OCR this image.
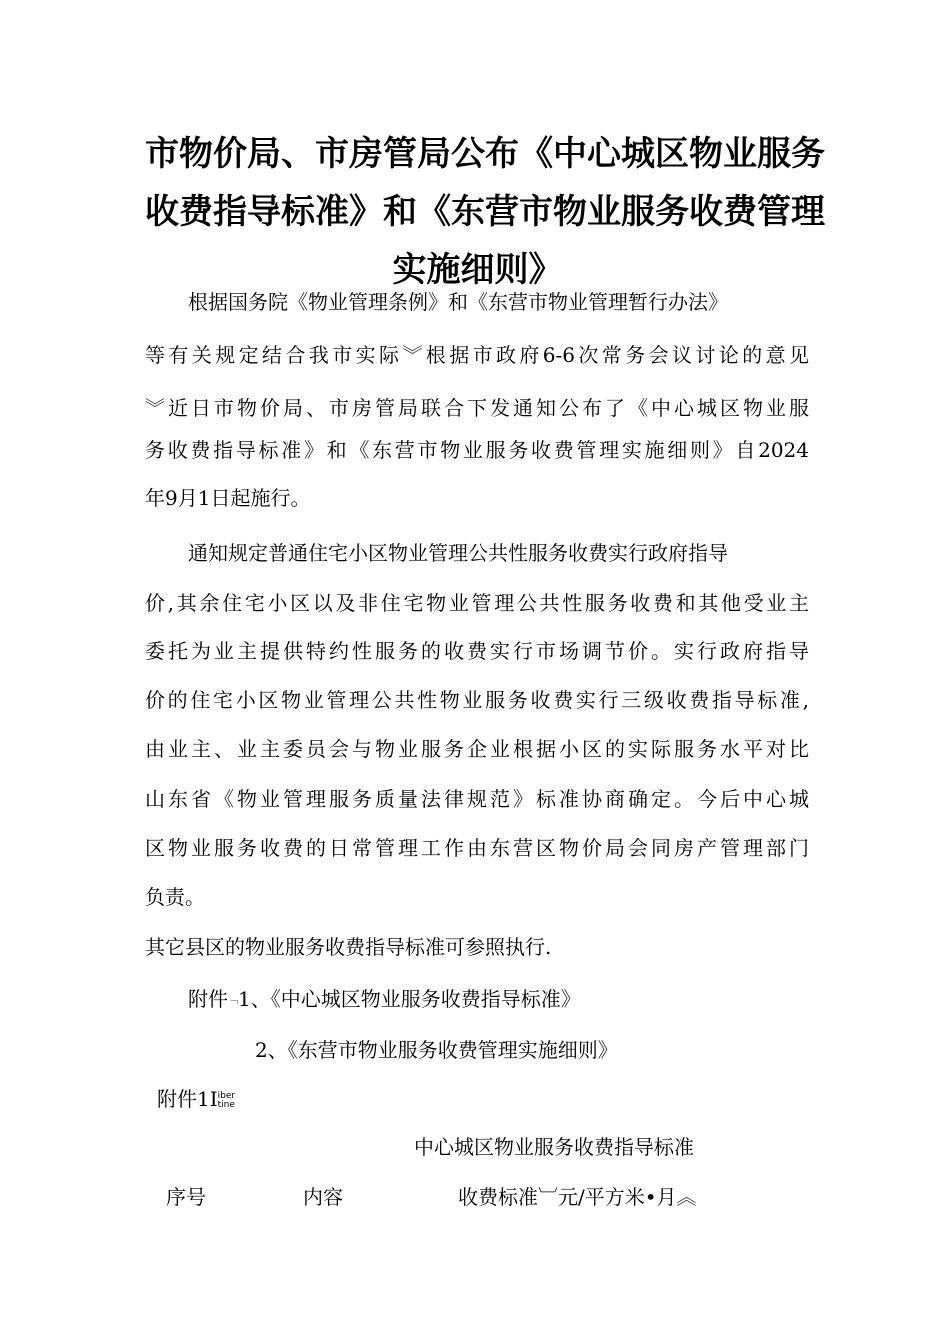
市物价局、市房管局公布《中心城区物业服务
收费指导标准》和《东营市物业服务收费管理
实施细则》
根据国务院《物业管理条例》和《东营市物业管理暂行办法》
等有关规定结合我市实际︾根据市政府6-6次常务会议讨论的意见
︾近日市物价局、市房管局联合下发通知公布了《中心城区物业服
务收费指导标准》和《东营市物业服务收费管理实施细则》自2024
年9月1日起施行。
通知规定普通住宅小区物业管理公共性服务收费实行政府指导
价,其余住宅小区以及非住宅物业管理公共性服务收费和其他受业主
委托为业主提供特约性服务的收费实行市场调节价。实行政府指导
价的住宅小区物业管理公共性物业服务收费实行三级收费指导标准,
由业主、业主委员会与物业服务企业根据小区的实际服务水平对比
山东省《物业管理服务质量法律规范》标准协商确定。今后中心城
区物业服务收费的日常管理工作由东营区物价局会同房产管理部门
负责。
其它县区的物业服务收费指导标准可参照执行.
附件﹁1、《中心城区物业服务收费指导标准》
2、《东营市物业服务收费管理实施细则》
附件1I iber
tine
中心城区物业服务收费指导标准
序号	内容	收费标准︺元/平方米•月︽
